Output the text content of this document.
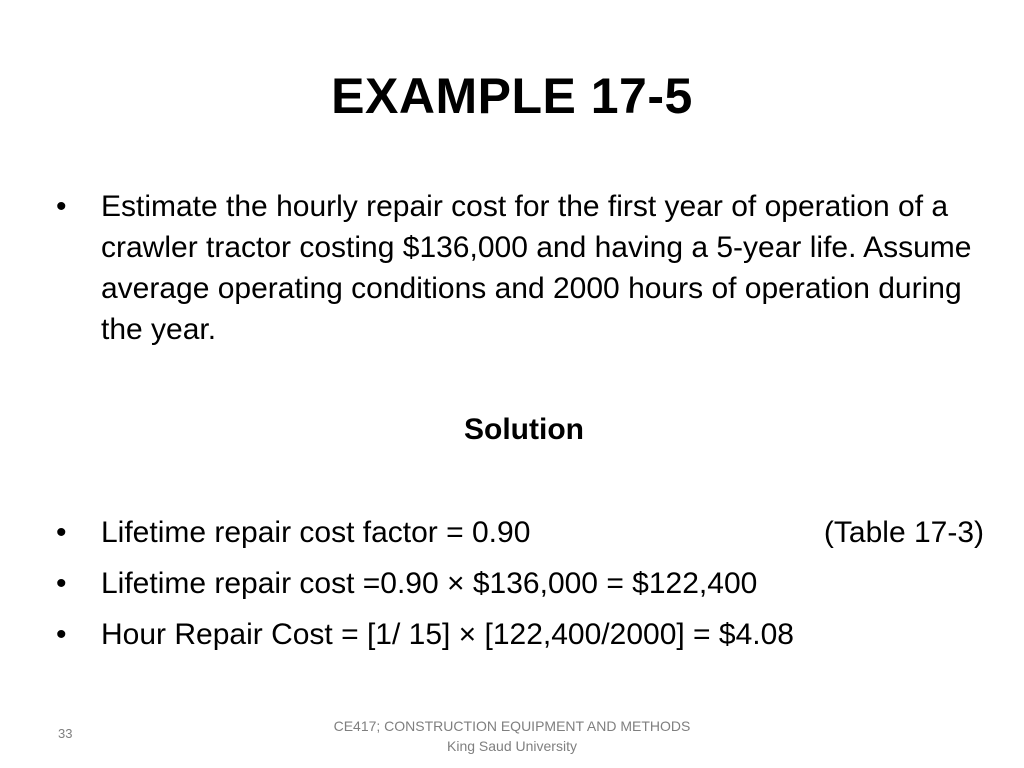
EXAMPLE 17-5
•	Estimate the hourly repair cost for the first year of operation of a crawler tractor costing $136,000 and having a 5-year life. Assume average operating conditions and 2000 hours of operation during the year.
Solution
•	Lifetime repair cost factor = 0.90	(Table 17-3)
•	Lifetime repair cost =0.90 × $136,000 = $122,400
•	Hour Repair Cost = [1/ 15] × [122,400/2000] = $4.08
33	CE417; CONSTRUCTION EQUIPMENT AND METHODS
King Saud University
